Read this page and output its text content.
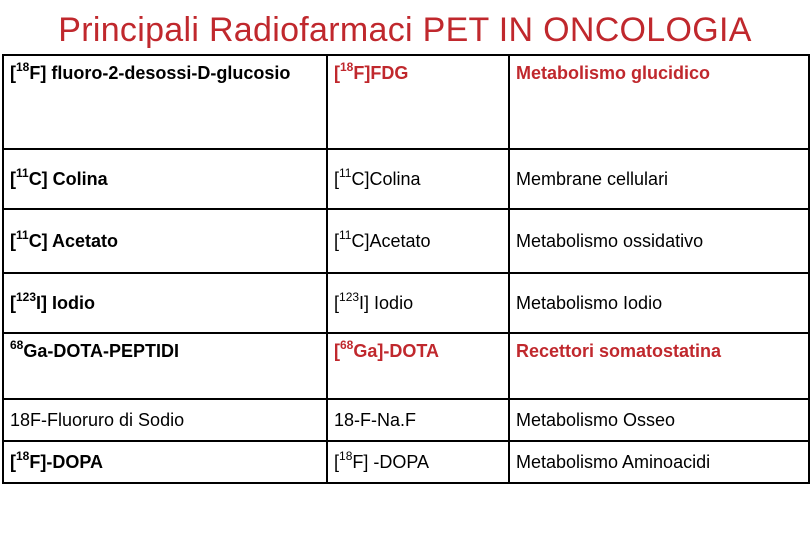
Principali Radiofarmaci PET IN ONCOLOGIA
[$^{18}$F] fluoro-2-desossi-D-glucosio	[$^{18}$F]FDG	Metabolismo glucidico
[$^{11}$C] Colina	[$^{11}$C]Colina	Membrane cellulari
[$^{11}$C] Acetato	[$^{11}$C]Acetato	Metabolismo ossidativo
[$^{123}$I] Iodio	[$^{123}$I] Iodio	Metabolismo Iodio
$^{68}$Ga-DOTA-PEPTIDI	[$^{68}$Ga]-DOTA	Recettori somatostatina
18F-Fluoruro di Sodio	18-F-Na.F	Metabolismo Osseo
[$^{18}$F]-DOPA	[$^{18}$F] -DOPA	Metabolismo Aminoacidi
